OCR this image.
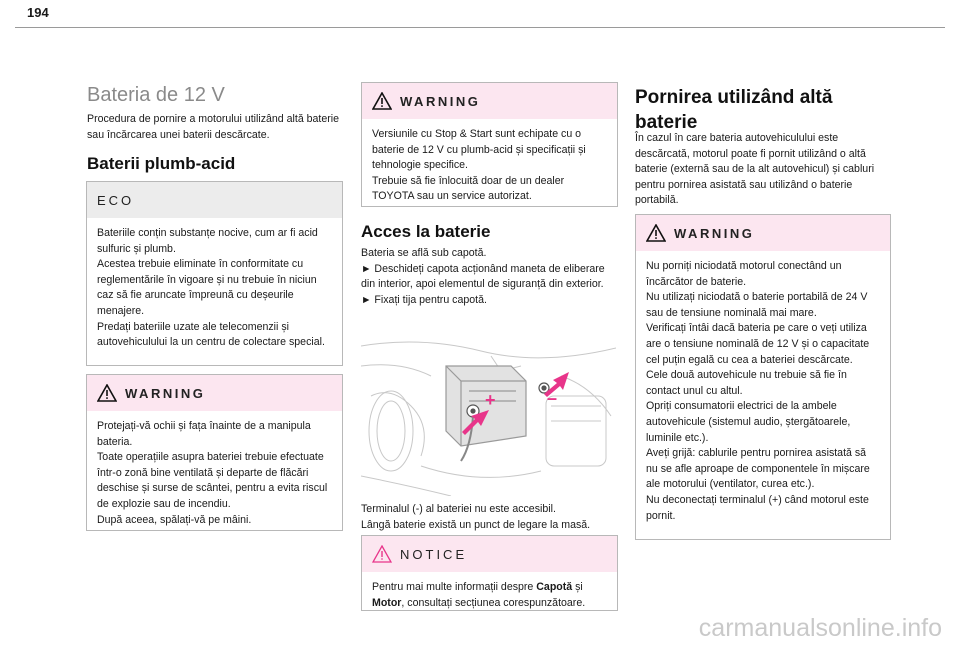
194
Bateria de 12 V

Procedura de pornire a motorului utilizând altă baterie sau încărcarea unei baterii descărcate.

Baterii plumb-acid
ECO

Bateriile conțin substanțe nocive, cum ar fi acid sulfuric și plumb.
Acestea trebuie eliminate în conformitate cu reglementările în vigoare și nu trebuie în niciun caz să fie aruncate împreună cu deșeurile menajere.
Predați bateriile uzate ale telecomenzii și autovehiculului la un centru de colectare special.

WARNING

Protejați-vă ochii și fața înainte de a manipula bateria.
Toate operațiile asupra bateriei trebuie efectuate într-o zonă bine ventilată și departe de flăcări deschise și surse de scântei, pentru a evita riscul de explozie sau de incendiu.
După aceea, spălați-vă pe mâini.

WARNING

Versiunile cu Stop & Start sunt echipate cu o baterie de 12 V cu plumb-acid și specificații și tehnologie specifice.
Trebuie să fie înlocuită doar de un dealer TOYOTA sau un service autorizat.

Acces la baterie

Bateria se află sub capotă.
► Deschideți capota acționând maneta de eliberare din interior, apoi elementul de siguranță din exterior.
► Fixați tija pentru capotă.

+	–

Terminalul (-) al bateriei nu este accesibil.
Lângă baterie există un punct de legare la masă.

NOTICE

Pentru mai multe informații despre Capotă și Motor, consultați secțiunea corespunzătoare.

Pornirea utilizând altă baterie

În cazul în care bateria autovehiculului este descărcată, motorul poate fi pornit utilizând o altă baterie (externă sau de la alt autovehicul) și cabluri pentru pornirea asistată sau utilizând o baterie portabilă.

WARNING

Nu porniți niciodată motorul conectând un încărcător de baterie.
Nu utilizați niciodată o baterie portabilă de 24 V sau de tensiune nominală mai mare.
Verificați întâi dacă bateria pe care o veți utiliza are o tensiune nominală de 12 V și o capacitate cel puțin egală cu cea a bateriei descărcate.
Cele două autovehicule nu trebuie să fie în contact unul cu altul.
Opriți consumatorii electrici de la ambele autovehicule (sistemul audio, ștergătoarele, luminile etc.).
Aveți grijă: cablurile pentru pornirea asistată să nu se afle aproape de componentele în mișcare ale motorului (ventilator, curea etc.).
Nu deconectați terminalul (+) când motorul este pornit.

carmanualsonline.info
